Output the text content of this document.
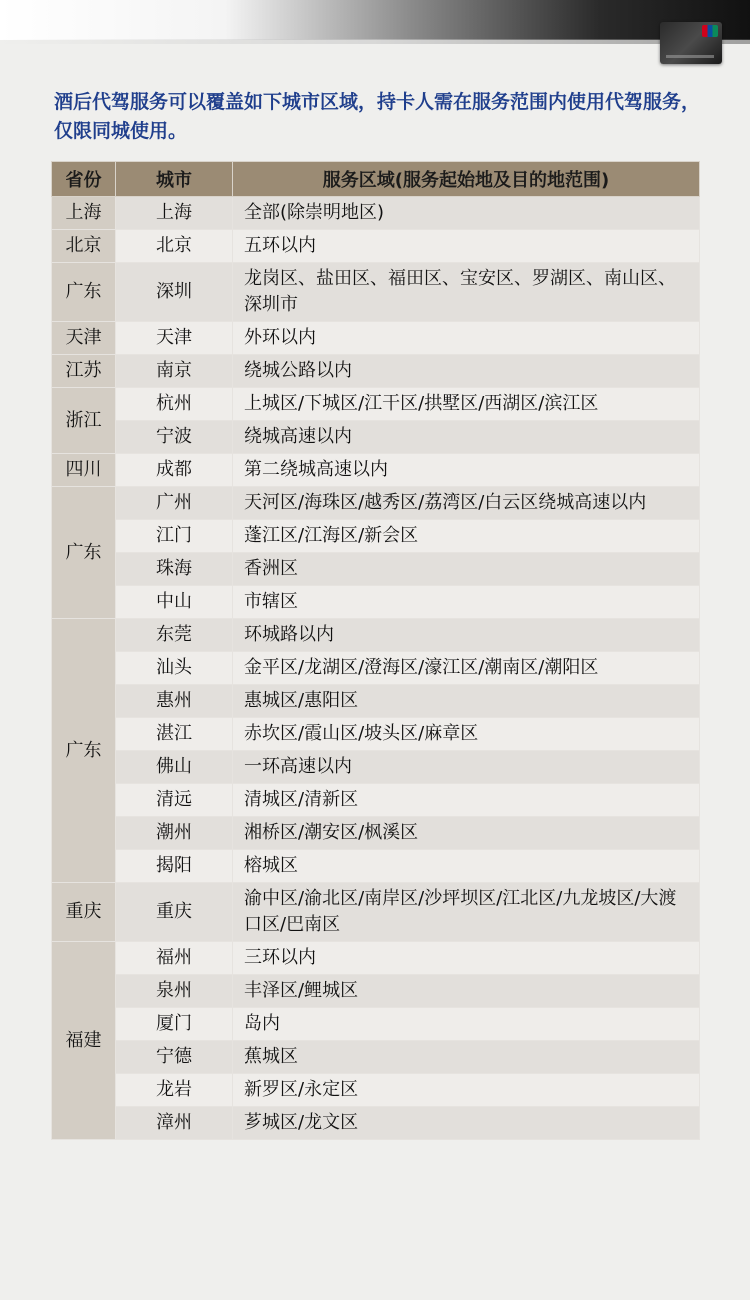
酒后代驾服务可以覆盖如下城市区域，持卡人需在服务范围内使用代驾服务，仅限同城使用。
省份	城市	服务区域(服务起始地及目的地范围)
上海	上海	全部(除崇明地区)
北京	北京	五环以内
广东	深圳	龙岗区、盐田区、福田区、宝安区、罗湖区、南山区、深圳市
天津	天津	外环以内
江苏	南京	绕城公路以内
浙江	杭州	上城区/下城区/江干区/拱墅区/西湖区/滨江区
	宁波	绕城高速以内
四川	成都	第二绕城高速以内
广东	广州	天河区/海珠区/越秀区/荔湾区/白云区绕城高速以内
	江门	蓬江区/江海区/新会区
	珠海	香洲区
	中山	市辖区
广东	东莞	环城路以内
	汕头	金平区/龙湖区/澄海区/濠江区/潮南区/潮阳区
	惠州	惠城区/惠阳区
	湛江	赤坎区/霞山区/坡头区/麻章区
	佛山	一环高速以内
	清远	清城区/清新区
	潮州	湘桥区/潮安区/枫溪区
	揭阳	榕城区
重庆	重庆	渝中区/渝北区/南岸区/沙坪坝区/江北区/九龙坡区/大渡口区/巴南区
福建	福州	三环以内
	泉州	丰泽区/鲤城区
	厦门	岛内
	宁德	蕉城区
	龙岩	新罗区/永定区
	漳州	芗城区/龙文区
